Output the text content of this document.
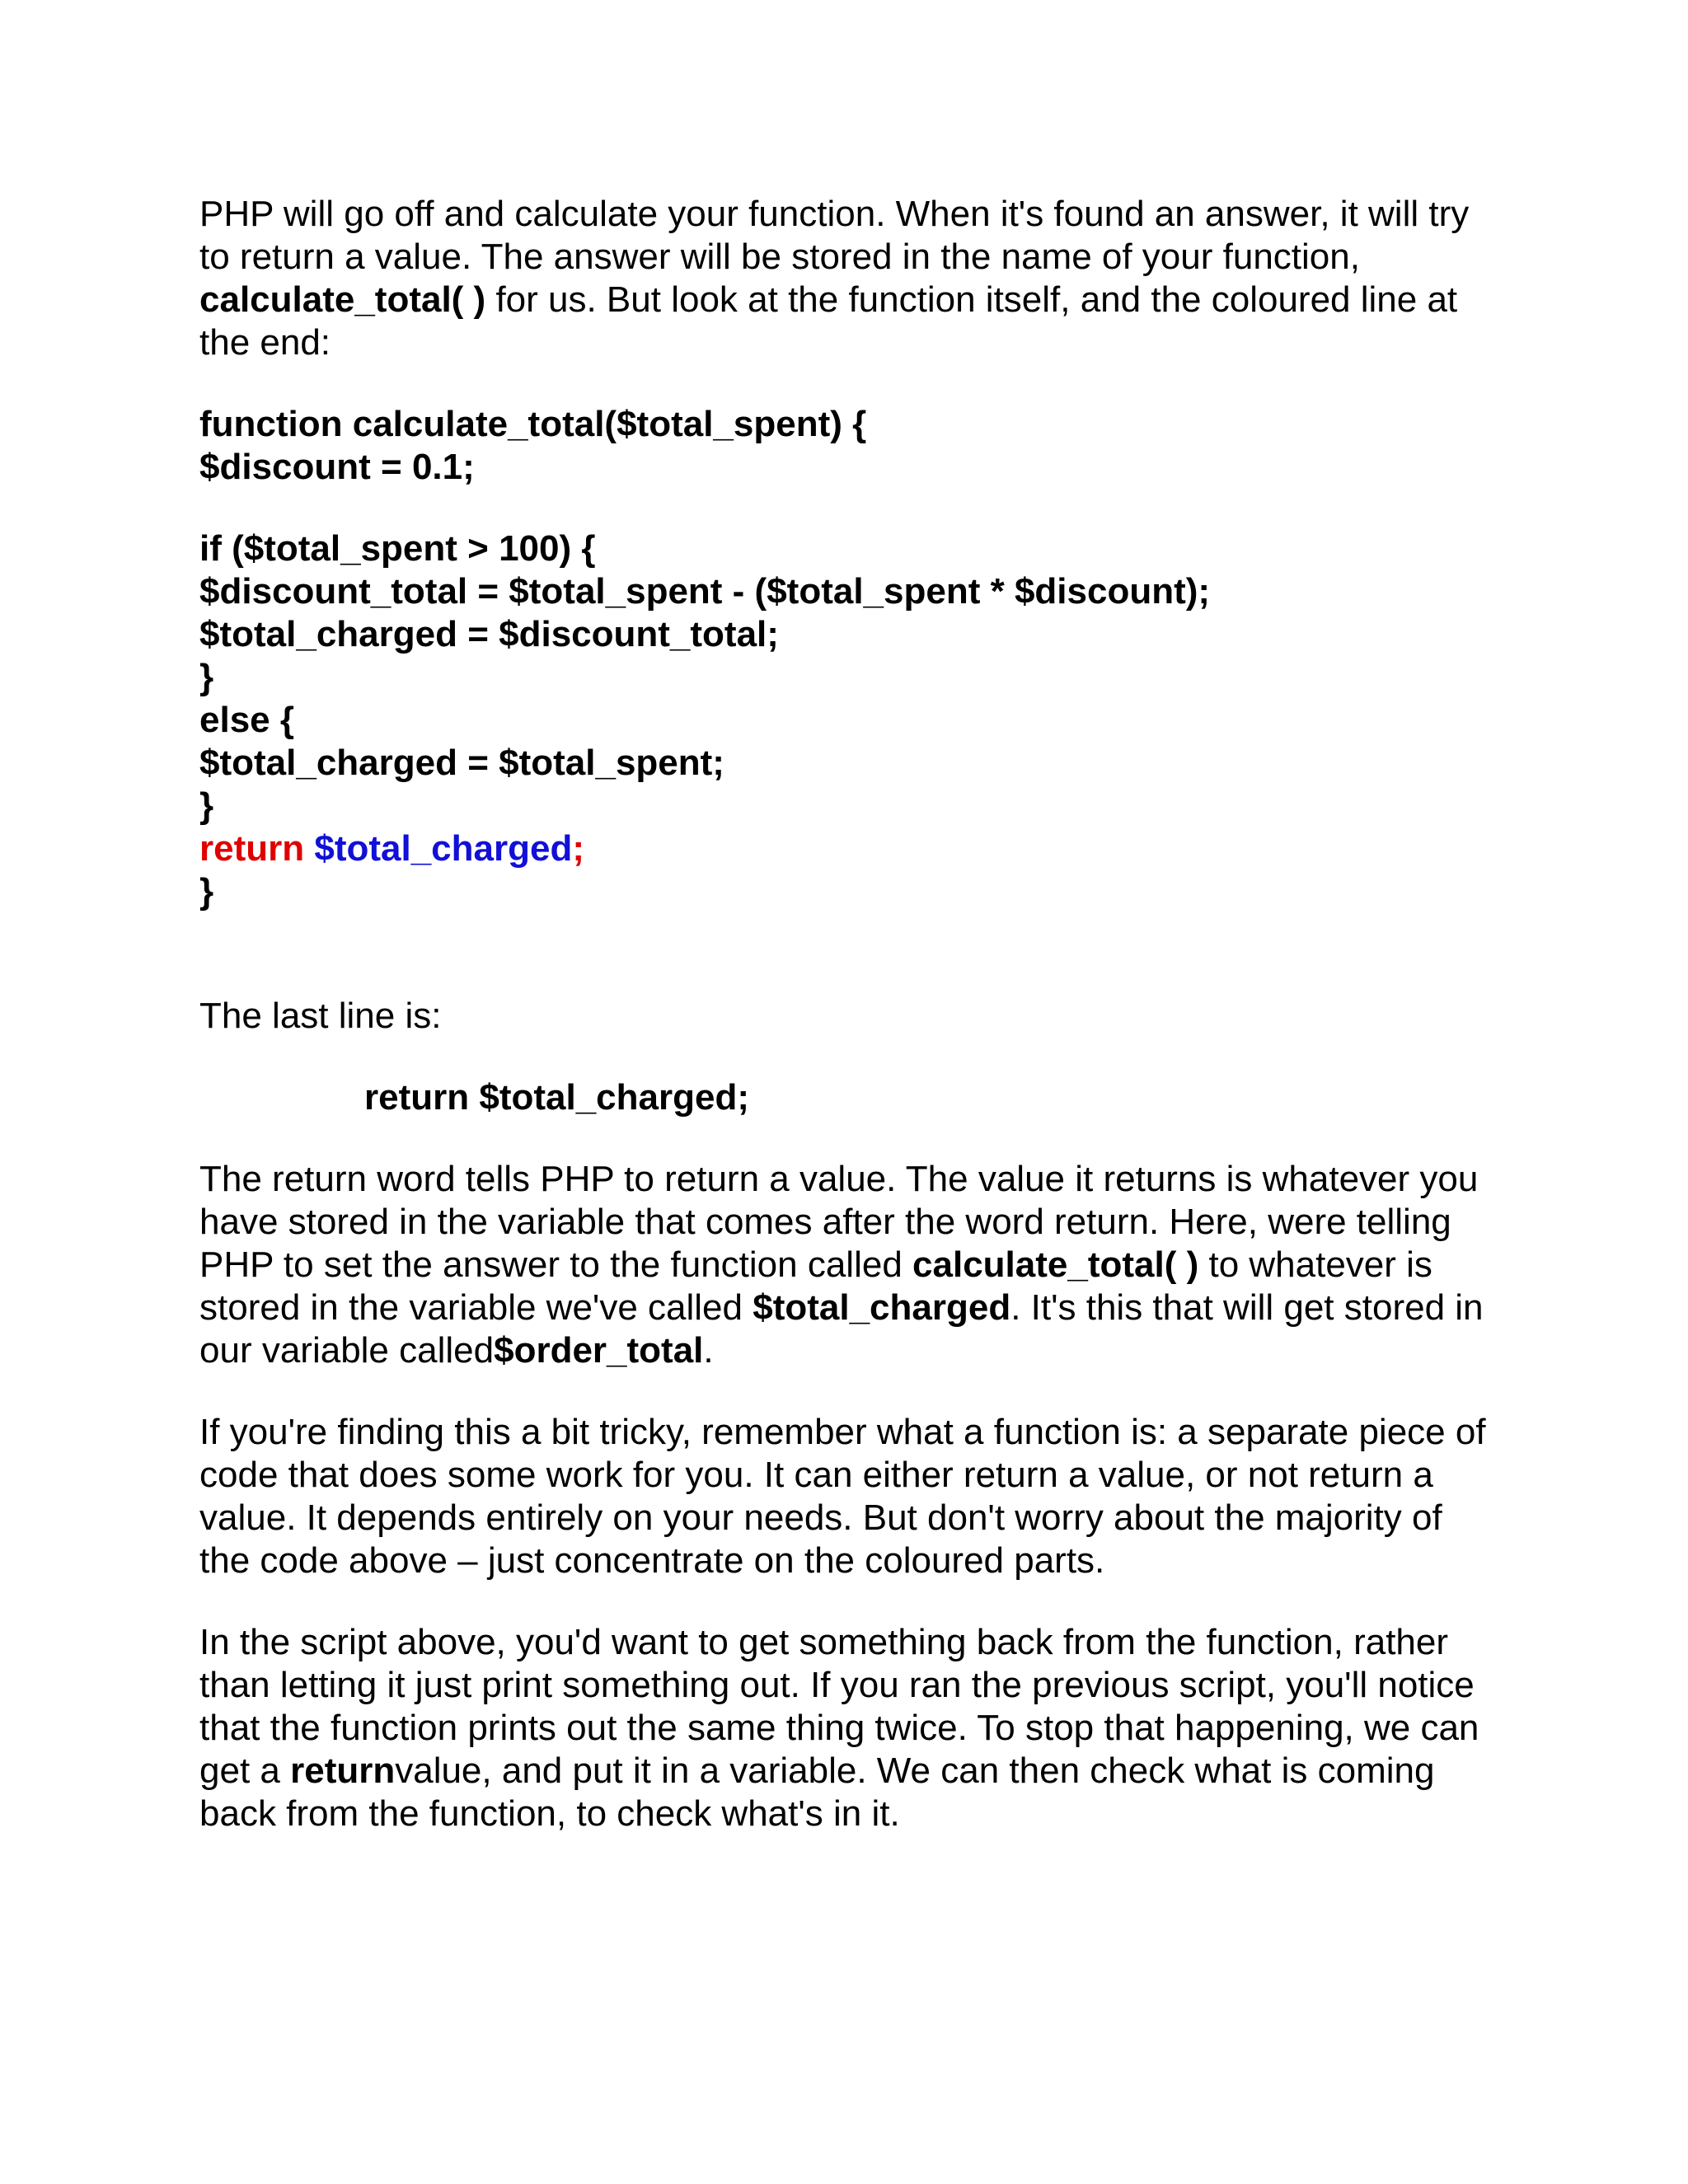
PHP will go off and calculate your function. When it's found an answer, it will try to return a value. The answer will be stored in the name of your function, calculate_total( ) for us. But look at the function itself, and the coloured line at the end:

function calculate_total($total_spent) {
$discount = 0.1;
if ($total_spent > 100) {
$discount_total = $total_spent - ($total_spent * $discount);
$total_charged = $discount_total;
}
else {
$total_charged = $total_spent;
}
return $total_charged;
}

The last line is:

return $total_charged;

The return word tells PHP to return a value. The value it returns is whatever you have stored in the variable that comes after the word return. Here, were telling PHP to set the answer to the function called calculate_total( ) to whatever is stored in the variable we've called $total_charged. It's this that will get stored in our variable called$order_total.

If you're finding this a bit tricky, remember what a function is: a separate piece of code that does some work for you. It can either return a value, or not return a value. It depends entirely on your needs. But don't worry about the majority of the code above – just concentrate on the coloured parts.

In the script above, you'd want to get something back from the function, rather than letting it just print something out. If you ran the previous script, you'll notice that the function prints out the same thing twice. To stop that happening, we can get a returnvalue, and put it in a variable. We can then check what is coming back from the function, to check what's in it.
